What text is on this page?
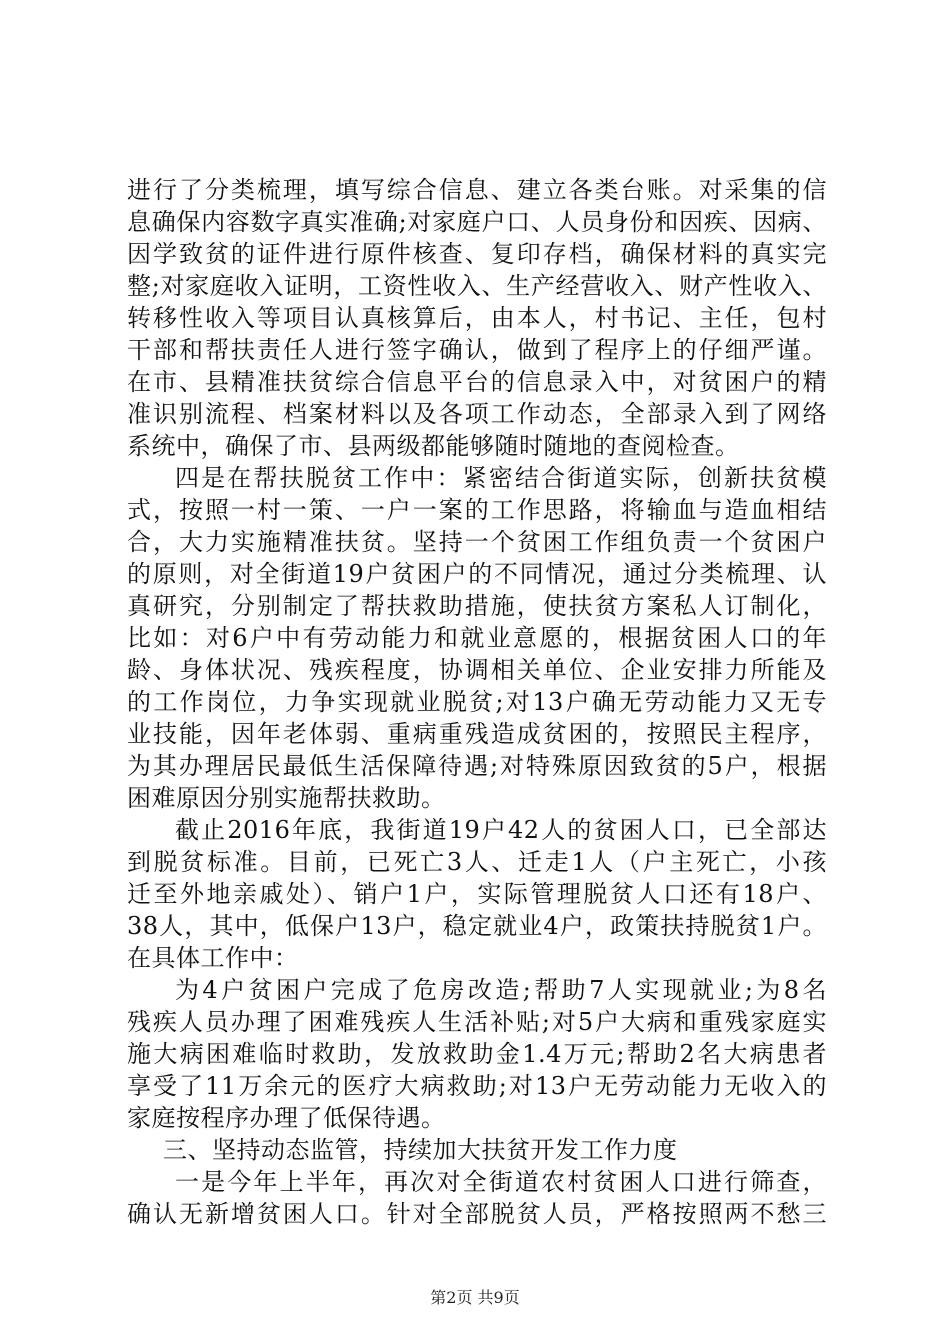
进行了分类梳理，填写综合信息、建立各类台账。对采集的信
息确保内容数字真实准确;对家庭户口、人员身份和因疾、因病、
因学致贫的证件进行原件核查、复印存档，确保材料的真实完
整;对家庭收入证明，工资性收入、生产经营收入、财产性收入、
转移性收入等项目认真核算后，由本人，村书记、主任，包村
干部和帮扶责任人进行签字确认，做到了程序上的仔细严谨。
在市、县精准扶贫综合信息平台的信息录入中，对贫困户的精
准识别流程、档案材料以及各项工作动态，全部录入到了网络
系统中，确保了市、县两级都能够随时随地的查阅检查。
四是在帮扶脱贫工作中：紧密结合街道实际，创新扶贫模
式，按照一村一策、一户一案的工作思路，将输血与造血相结
合，大力实施精准扶贫。坚持一个贫困工作组负责一个贫困户
的原则，对全街道19户贫困户的不同情况，通过分类梳理、认
真研究，分别制定了帮扶救助措施，使扶贫方案私人订制化，
比如：对6户中有劳动能力和就业意愿的，根据贫困人口的年
龄、身体状况、残疾程度，协调相关单位、企业安排力所能及
的工作岗位，力争实现就业脱贫;对13户确无劳动能力又无专
业技能，因年老体弱、重病重残造成贫困的，按照民主程序，
为其办理居民最低生活保障待遇;对特殊原因致贫的5户，根据
困难原因分别实施帮扶救助。
截止2016年底，我街道19户42人的贫困人口，已全部达
到脱贫标准。目前，已死亡3人、迁走1人（户主死亡，小孩
迁至外地亲戚处）、销户1户，实际管理脱贫人口还有18户、
38人，其中，低保户13户，稳定就业4户，政策扶持脱贫1户。
在具体工作中：
为4户贫困户完成了危房改造;帮助7人实现就业;为8名
残疾人员办理了困难残疾人生活补贴;对5户大病和重残家庭实
施大病困难临时救助，发放救助金1.4万元;帮助2名大病患者
享受了11万余元的医疗大病救助;对13户无劳动能力无收入的
家庭按程序办理了低保待遇。
三、坚持动态监管，持续加大扶贫开发工作力度
一是今年上半年，再次对全街道农村贫困人口进行筛查，
确认无新增贫困人口。针对全部脱贫人员，严格按照两不愁三
第2页 共9页
